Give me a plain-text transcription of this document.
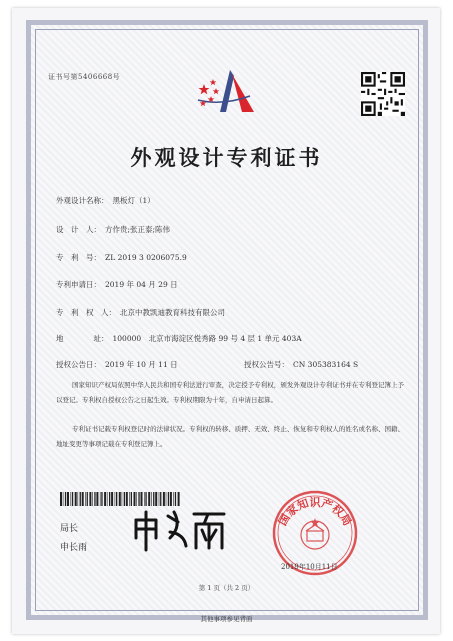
证书号第5406668号
外观设计专利证书
外观设计名称： 黑板灯（1）
设　计　人： 方作贵;张正泰;陈伟
专　利　号： ZL 2019 3 0206075.9
专利申请日： 2019 年 04 月 29 日
专　利　权　人： 北京中教凯迪教育科技有限公司
地　　　　址： 100000　北京市海淀区悦秀路 99 号 4 层 1 单元 403A
授权公告日： 2019 年 10 月 11 日	授权公告号： CN 305383164 S
国家知识产权局依照中华人民共和国专利法进行审查，决定授予专利权，颁发外观设计专利证书并在专利登记簿上予以登记。专利权自授权公告之日起生效。专利权期限为十年，自申请日起算。
专利证书记载专利权登记时的法律状况。专利权的转移、质押、无效、终止、恢复和专利权人的姓名或名称、国籍、地址变更等事项记载在专利登记簿上。
局长
申长雨
国家知识产权局
2019年10月11日
第 1 页（共 2 页）
其他事项参见背面
